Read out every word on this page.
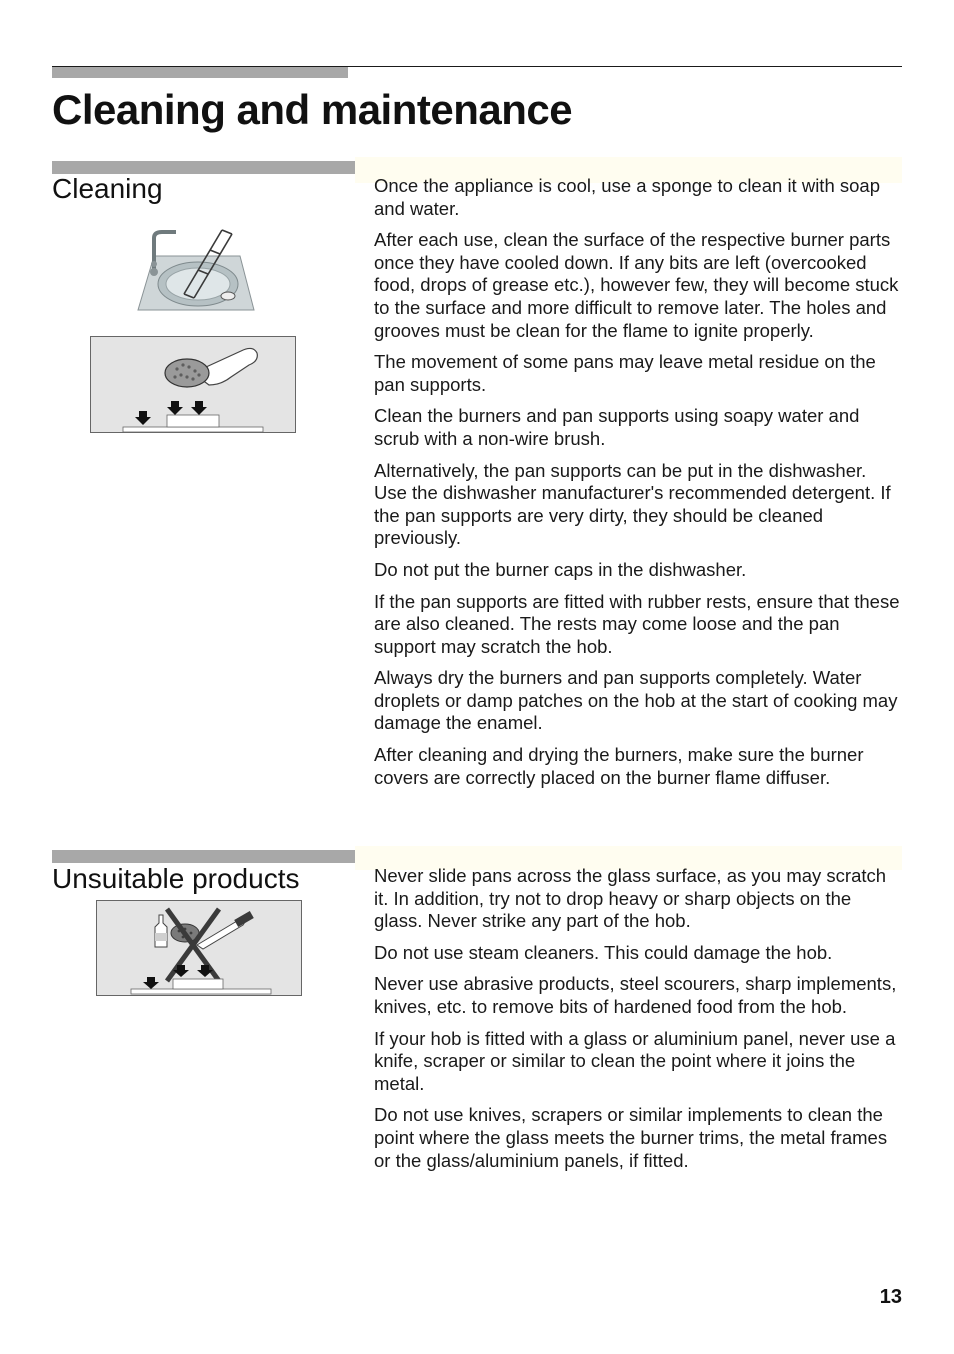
Cleaning and maintenance
Cleaning	Once the appliance is cool, use a sponge to clean it with soap and water.

After each use, clean the surface of the respective burner parts once they have cooled down. If any bits are left (overcooked food, drops of grease etc.), however few, they will become stuck to the surface and more difficult to remove later. The holes and grooves must be clean for the flame to ignite properly.

The movement of some pans may leave metal residue on the pan supports.

Clean the burners and pan supports using soapy water and scrub with a non-wire brush.

Alternatively, the pan supports can be put in the dishwasher. Use the dishwasher manufacturer's recommended detergent. If the pan supports are very dirty, they should be cleaned previously.

Do not put the burner caps in the dishwasher.

If the pan supports are fitted with rubber rests, ensure that these are also cleaned. The rests may come loose and the pan support may scratch the hob.

Always dry the burners and pan supports completely. Water droplets or damp patches on the hob at the start of cooking may damage the enamel.

After cleaning and drying the burners, make sure the burner covers are correctly placed on the burner flame diffuser.

Unsuitable products	Never slide pans across the glass surface, as you may scratch it. In addition, try not to drop heavy or sharp objects on the glass. Never strike any part of the hob.

Do not use steam cleaners. This could damage the hob.

Never use abrasive products, steel scourers, sharp implements, knives, etc. to remove bits of hardened food from the hob.

If your hob is fitted with a glass or aluminium panel, never use a knife, scraper or similar to clean the point where it joins the metal.

Do not use knives, scrapers or similar implements to clean the point where the glass meets the burner trims, the metal frames or the glass/aluminium panels, if fitted.

13
